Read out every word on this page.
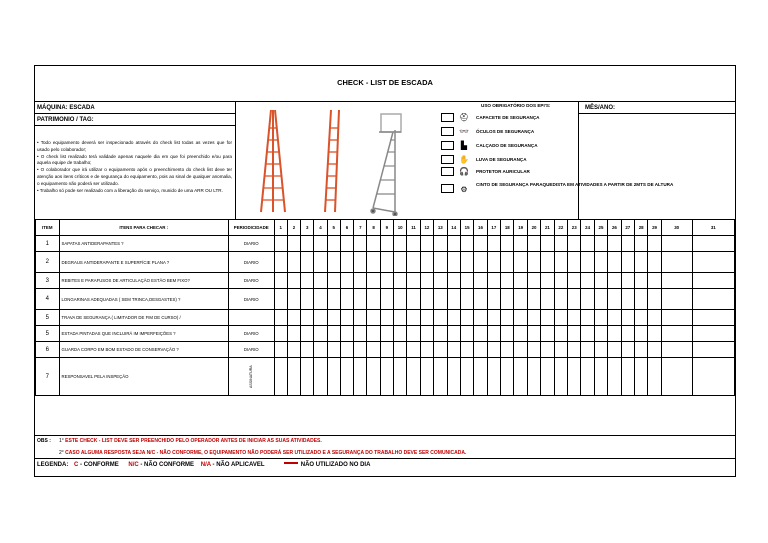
CHECK - LIST DE ESCADA
MÁQUINA: ESCADA
PATRIMONIO / TAG:
• Todo equipamento deverá ser inspecionado através do check list todas as vezes que for usado pelo colaborador;
• O check list realizado terá validade apenas naquele dia em que foi preenchido e/ou para aquela equipe de trabalho;
• O colaborador que irá utilizar o equipamento após o preenchimento do check list deve ter atenção aos itens críticos e de segurança do equipamento, pois ao sinal de qualquer anomalia, o equipamento não poderá ser utilizado.
• Trabalho só pode ser realizado com a liberação do serviço, munido de uma ARR OU LTR.
USO OBRIGATÓRIO DOS EPI'S:
⛑ CAPACETE DE SEGURANÇA
👓 ÓCULOS DE SEGURANÇA
▙	CALÇADO DE SEGURANÇA
✋ LUVA DE SEGURANÇA
🎧 PROTETOR AURICULAR
⚙	CINTO DE SEGURANÇA PARAQUEDISTA EM ATIVIDADES A PARTIR DE 2MTS DE ALTURA
MÊS/ANO:
ITEM	ITENS PARA CHECAR :	PERIODICIDADE	1	2	3	4	5	6	7	8	9	10	11	12	13	14	15	16	17	18	19	20	21	22	23	24	25	26	27	28	29	30	31
1	SAPATAS ANTIDERAPANTES ?	DIARIO																															
2	DEGRAUS ANTIDERAPANTE E SUPERFÍCIE PLANA ?	DIARIO																															
3	REBITES E PARAFUSOS DE ARTICULAÇÃO ESTÃO BEM FIXO?	DIARIO																															
4	LONGARINAS ADEQUADAS ( SEM TRINCA,DESGASTES) ?	DIARIO																															
5	TRAVA DE SEGURANÇA ( LIMITADOR DE FIM DE CURSO) /																																
5	ESTADA PINTADAS QUE INCLUIRÁ IM IMPERFEIÇÕES ?	DIARIO																															
6	GUARDA CORPO EM BOM ESTADO DE CONSERVAÇÃO ?	DIARIO																															
7	RESPONSAVEL PELA INSPEÇÃO	ASSINATURA																															
OBS : 1° ESTE CHECK - LIST DEVE SER PREENCHIDO PELO OPERADOR ANTES DE INICIAR AS SUAS ATIVIDADES.
2° CASO ALGUMA RESPOSTA SEJA N/C - NÃO CONFORME, O EQUIPAMENTO NÃO PODERÁ SER UTILIZADO E A SEGURANÇA DO TRABALHO DEVE SER COMUNICADA.
LEGENDA: C - CONFORME N/C - NÃO CONFORME N/A - NÃO APLICAVEL	NÃO UTILIZADO NO DIA
